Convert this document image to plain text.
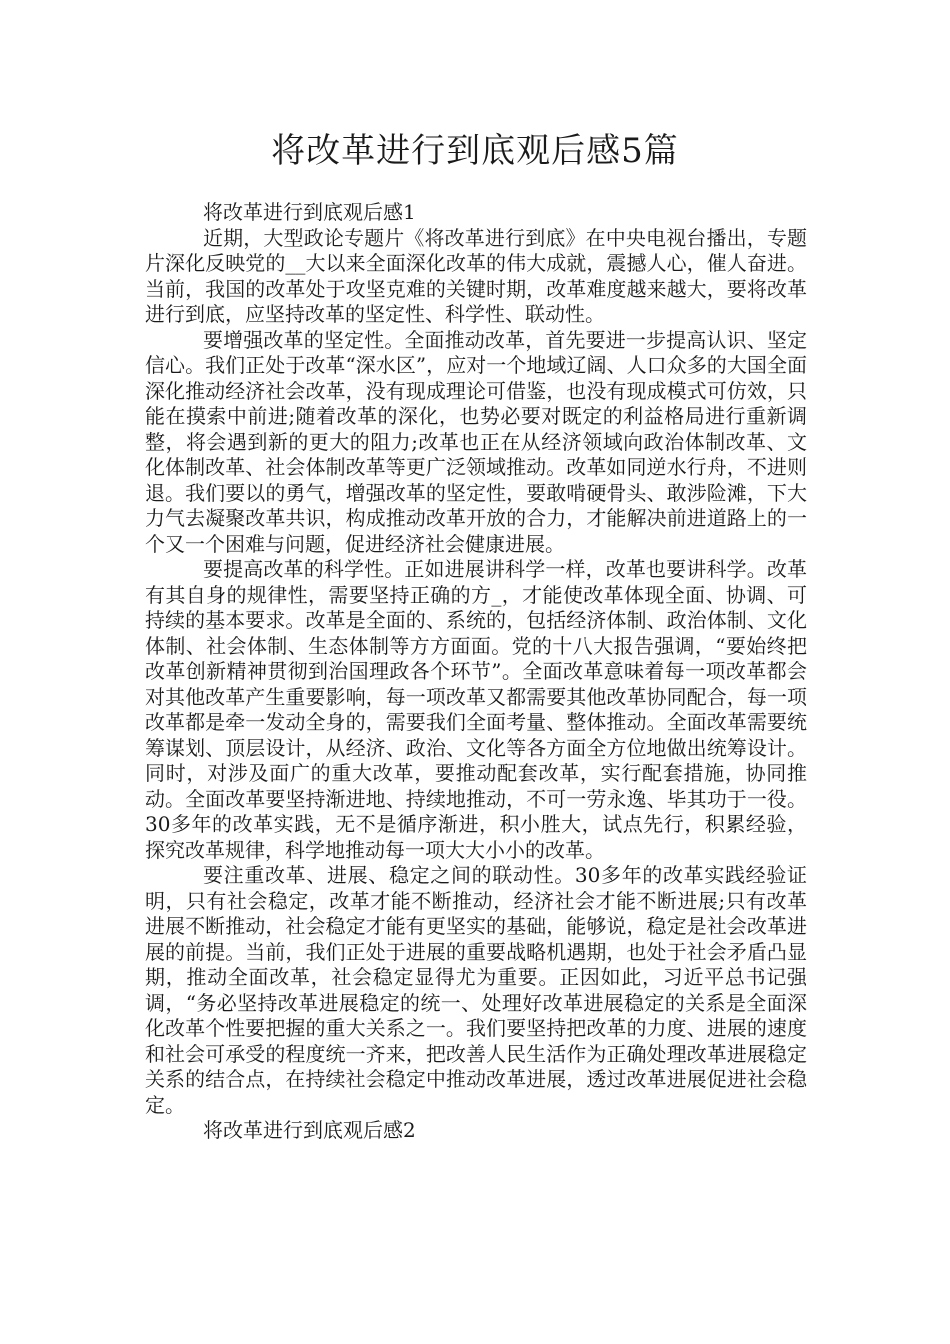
将改革进行到底观后感5篇

将改革进行到底观后感1

近期，大型政论专题片《将改革进行到底》在中央电视台播出，专题片深化反映党的__大以来全面深化改革的伟大成就，震撼人心，催人奋进。当前，我国的改革处于攻坚克难的关键时期，改革难度越来越大，要将改革进行到底，应坚持改革的坚定性、科学性、联动性。

要增强改革的坚定性。全面推动改革，首先要进一步提高认识、坚定信心。我们正处于改革“深水区”，应对一个地域辽阔、人口众多的大国全面深化推动经济社会改革，没有现成理论可借鉴，也没有现成模式可仿效，只能在摸索中前进;随着改革的深化，也势必要对既定的利益格局进行重新调整，将会遇到新的更大的阻力;改革也正在从经济领域向政治体制改革、文化体制改革、社会体制改革等更广泛领域推动。改革如同逆水行舟，不进则退。我们要以的勇气，增强改革的坚定性，要敢啃硬骨头、敢涉险滩，下大力气去凝聚改革共识，构成推动改革开放的合力，才能解决前进道路上的一个又一个困难与问题，促进经济社会健康进展。

要提高改革的科学性。正如进展讲科学一样，改革也要讲科学。改革有其自身的规律性，需要坚持正确的方_，才能使改革体现全面、协调、可持续的基本要求。改革是全面的、系统的，包括经济体制、政治体制、文化体制、社会体制、生态体制等方方面面。党的十八大报告强调，“要始终把改革创新精神贯彻到治国理政各个环节”。全面改革意味着每一项改革都会对其他改革产生重要影响，每一项改革又都需要其他改革协同配合，每一项改革都是牵一发动全身的，需要我们全面考量、整体推动。全面改革需要统筹谋划、顶层设计，从经济、政治、文化等各方面全方位地做出统筹设计。同时，对涉及面广的重大改革，要推动配套改革，实行配套措施，协同推动。全面改革要坚持渐进地、持续地推动，不可一劳永逸、毕其功于一役。30多年的改革实践，无不是循序渐进，积小胜大，试点先行，积累经验，探究改革规律，科学地推动每一项大大小小的改革。

要注重改革、进展、稳定之间的联动性。30多年的改革实践经验证明，只有社会稳定，改革才能不断推动，经济社会才能不断进展;只有改革进展不断推动，社会稳定才能有更坚实的基础，能够说，稳定是社会改革进展的前提。当前，我们正处于进展的重要战略机遇期，也处于社会矛盾凸显期，推动全面改革，社会稳定显得尤为重要。正因如此，习近平总书记强调，“务必坚持改革进展稳定的统一、处理好改革进展稳定的关系是全面深化改革个性要把握的重大关系之一。我们要坚持把改革的力度、进展的速度和社会可承受的程度统一齐来，把改善人民生活作为正确处理改革进展稳定关系的结合点，在持续社会稳定中推动改革进展，透过改革进展促进社会稳定。

将改革进行到底观后感2
